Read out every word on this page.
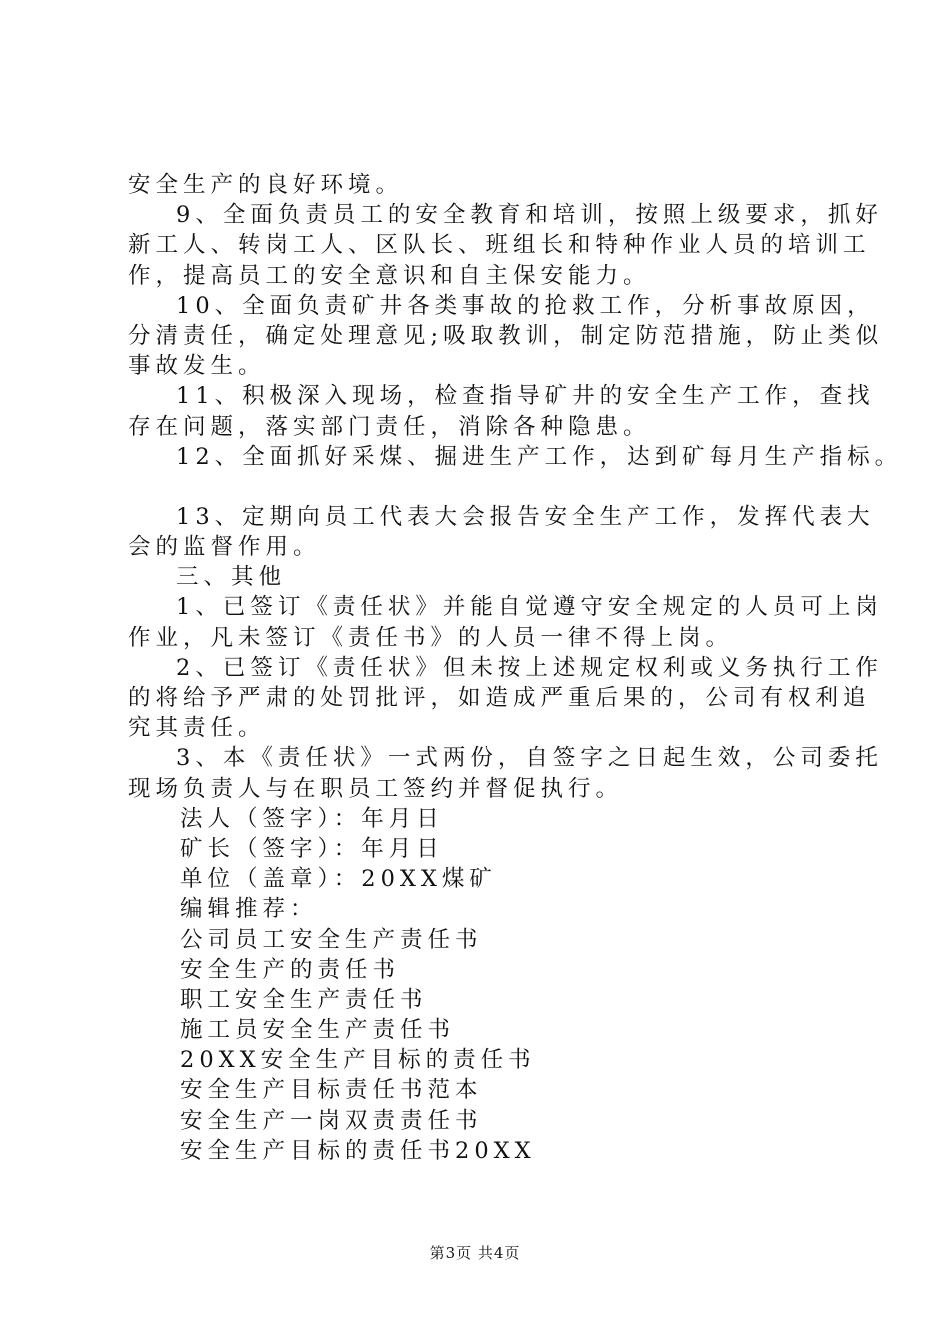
安全生产的良好环境。
9、全面负责员工的安全教育和培训，按照上级要求，抓好
新工人、转岗工人、区队长、班组长和特种作业人员的培训工
作，提高员工的安全意识和自主保安能力。
10、全面负责矿井各类事故的抢救工作，分析事故原因，
分清责任，确定处理意见;吸取教训，制定防范措施，防止类似
事故发生。
11、积极深入现场，检查指导矿井的安全生产工作，查找
存在问题，落实部门责任，消除各种隐患。
12、全面抓好采煤、掘进生产工作，达到矿每月生产指标。
13、定期向员工代表大会报告安全生产工作，发挥代表大
会的监督作用。
三、其他
1、已签订《责任状》并能自觉遵守安全规定的人员可上岗
作业，凡未签订《责任书》的人员一律不得上岗。
2、已签订《责任状》但未按上述规定权利或义务执行工作
的将给予严肃的处罚批评，如造成严重后果的，公司有权利追
究其责任。
3、本《责任状》一式两份，自签字之日起生效，公司委托
现场负责人与在职员工签约并督促执行。
法人（签字）：年月日
矿长（签字）：年月日
单位（盖章）：20XX煤矿
编辑推荐：
公司员工安全生产责任书
安全生产的责任书
职工安全生产责任书
施工员安全生产责任书
20XX安全生产目标的责任书
安全生产目标责任书范本
安全生产一岗双责责任书
安全生产目标的责任书20XX
第3页 共4页
